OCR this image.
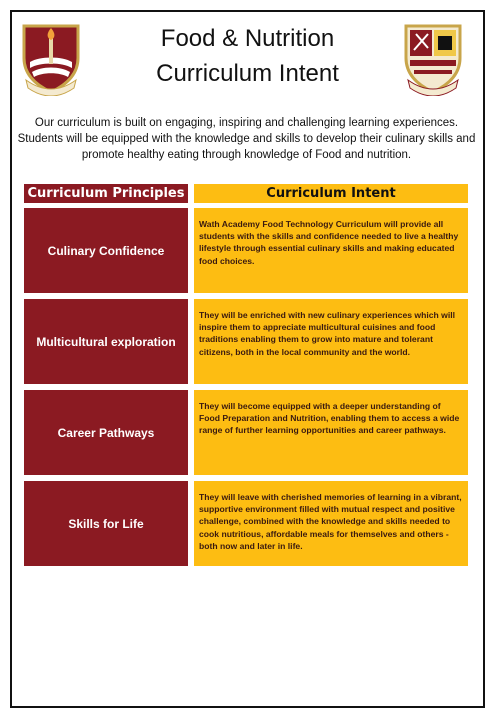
Food & Nutrition
Curriculum Intent
Our curriculum is built on engaging, inspiring and challenging learning experiences.
Students will be equipped with the knowledge and skills to develop their culinary skills and
promote healthy eating through knowledge of Food and nutrition.
Curriculum Principles	Curriculum Intent
Culinary Confidence
Wath Academy Food Technology Curriculum will provide all students with the skills and confidence needed to live a healthy lifestyle through essential culinary skills and making educated food choices.
Multicultural exploration
They will be enriched with new culinary experiences which will inspire them to appreciate multicultural cuisines and food traditions enabling them to grow into mature and tolerant citizens, both in the local community and the world.
Career Pathways
They will become equipped with a deeper understanding of Food Preparation and Nutrition, enabling them to access a wide range of further learning opportunities and career pathways.
Skills for Life
They will leave with cherished memories of learning in a vibrant, supportive environment filled with mutual respect and positive challenge, combined with the knowledge and skills needed to cook nutritious, affordable meals for themselves and others - both now and later in life.
